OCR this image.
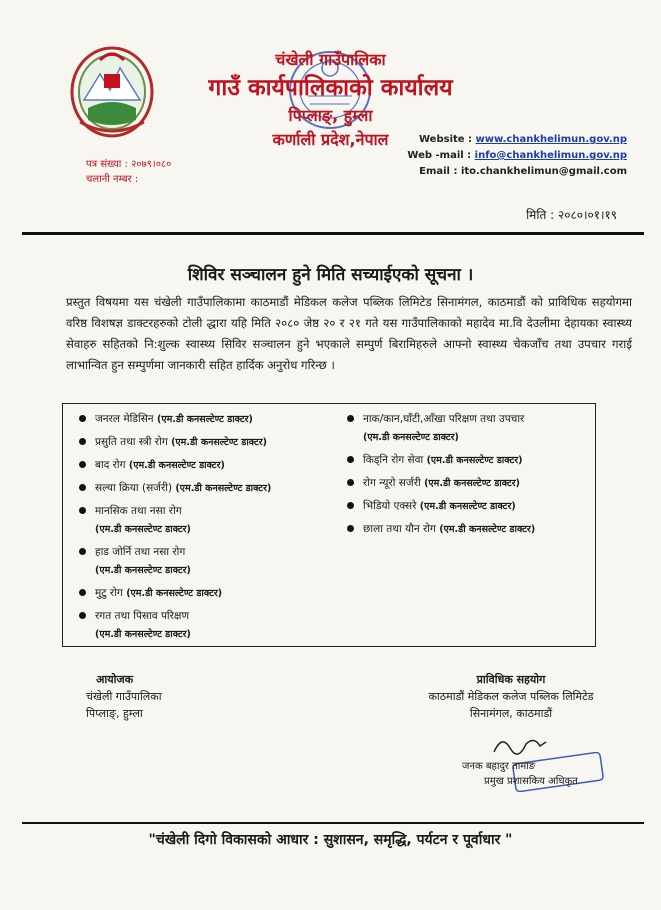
चंखेली गाउँपालिका
गाउँ कार्यपालिकाको कार्यालय
पिप्लाङ्, हुम्ला
कर्णाली प्रदेश,नेपाल
पत्र संख्या : २०७९।०८०
चलानी नम्बर :
Website : www.chankhelimun.gov.np
Web -mail : info@chankhelimun.gov.np
Email : ito.chankhelimun@gmail.com
मिति : २०८०।०१।१९
शिविर सञ्चालन हुने मिति सच्याईएको सूचना ।
प्रस्तुत विषयमा यस चंखेली गाउँपालिकामा काठमाडौं मेडिकल कलेज पब्लिक लिमिटेड सिनामंगल, काठमाडौं को प्राविधिक सहयोगमा वरिष्ठ विशषज्ञ डाक्टरहरुको टोली द्धारा यहि मिति २०८० जेष्ठ २० र २१ गते यस गाउँपालिकाको महादेव मा.वि देउलीमा देहायका स्वास्थ्य सेवाहरु सहितको नि:शुल्क स्वास्थ्य सिविर सञ्चालन हुने भएकाले सम्पुर्ण बिरामिहरुले आफ्नो स्वास्थ्य चेकजाँच तथा उपचार गराई लाभान्वित हुन सम्पुर्णमा जानकारी सहित हार्दिक अनुरोध गरिन्छ ।
जनरल मेडिसिन (एम.डी कनसल्टेण्ट डाक्टर)
प्रसुति तथा स्त्री रोग (एम.डी कनसल्टेण्ट डाक्टर)
बाद रोग (एम.डी कनसल्टेण्ट डाक्टर)
सल्या क्रिया (सर्जरी) (एम.डी कनसल्टेण्ट डाक्टर)
मानसिक तथा नसा रोग
(एम.डी कनसल्टेण्ट डाक्टर)
हाड जोर्नि तथा नसा रोग
(एम.डी कनसल्टेण्ट डाक्टर)
मुटु रोग (एम.डी कनसल्टेण्ट डाक्टर)
रगत तथा पिसाव परिक्षण
(एम.डी कनसल्टेण्ट डाक्टर)
नाक/कान,घाँटी,आँखा परिक्षण तथा उपचार
(एम.डी कनसल्टेण्ट डाक्टर)
किड्नि रोग सेवा (एम.डी कनसल्टेण्ट डाक्टर)
रोग न्यूरो सर्जरी (एम.डी कनसल्टेण्ट डाक्टर)
भिडियो एक्सरे (एम.डी कनसल्टेण्ट डाक्टर)
छाला तथा यौन रोग (एम.डी कनसल्टेण्ट डाक्टर)
आयोजक
चंखेली गाउँपालिका
पिप्लाङ्, हुम्ला
प्राविधिक सहयोग
काठमाडौं मेडिकल कलेज पब्लिक लिमिटेड
सिनामंगल, काठमाडौं
जनक बहादुर तामाङ
प्रमुख प्रशासकिय अधिकृत
"चंखेली दिगो विकासको आधार : सुशासन, समृद्धि, पर्यटन र पूर्वाधार "
